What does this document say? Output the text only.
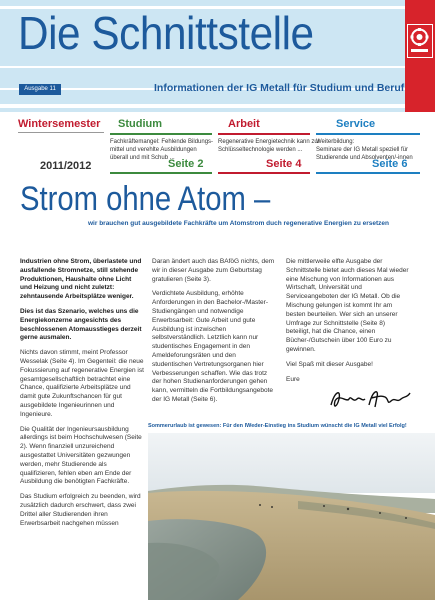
Die Schnittstelle
Ausgabe 11	Informationen der IG Metall für Studium und Beruf
Wintersemester
2011/2012
Studium
Fachkräftemangel: Fehlende Bildungs-
mittel und verehlte Ausbildungen
überall und mit Schub ...
Seite 2
Arbeit
Regenerative Energietechnik kann zur
Schlüsseltechnologie werden ...
Seite 4
Service
Weiterbildung:
Seminare der IG Metall speziell für
Studierende und Absolventen/-innen
Seite 6
Strom ohne Atom –
wir brauchen gut ausgebildete Fachkräfte um Atomstrom duch regenerative Energien zu ersetzen

Industrien ohne Strom, überlastete und ausfallende Stromnetze, still stehende Produktionen, Haushalte ohne Licht und Heizung und nicht zuletzt: zehntausende Arbeitsplätze weniger.

Dies ist das Szenario, welches uns die Energiekonzerne angesichts des beschlossenen Atomausstieges derzeit gerne ausmalen.

Nichts davon stimmt, meint Professor Wesselak (Seite 4). Im Gegenteil: die neue Fokussierung auf regenerative Energien ist gesamtgesellschaftlich betrachtet eine Chance, qualifizierte Arbeitsplätze und damit gute Zukunftschancen für gut ausgebildete Ingenieurinnen und Ingenieure.

Die Qualität der Ingenieursausbildung allerdings ist beim Hochschulwesen (Seite 2). Wenn finanziell unzureichend ausgestattet Universitäten gezwungen werden, mehr Studierende als qualifizieren, fehlen eben am Ende der Ausbildung die benötigten Fachkräfte.

Das Studium erfolgreich zu beenden, wird zusätzlich dadurch erschwert, dass zwei Drittel aller Studierenden ihren Erwerbsarbeit nachgehen müssen

Daran ändert auch das BAföG nichts, dem wir in dieser Ausgabe zum Geburtstag gratulieren (Seite 3).

Verdichtete Ausbildung, erhöhte Anforderungen in den Bachelor-/Master-Studiengängen und notwendige Erwerbsarbeit: Gute Arbeit und gute Ausbildung ist inzwischen selbstverständlich. Letztlich kann nur studentisches Engagement in den Ameldeforungsräten und den studentischen Vertretungsorganen hier Verbesserungen schaffen. Wie das trotz der hohen Studienanforderungen gehen kann, vermitteln die Fortbildungsangebote der IG Metall (Seite 6).

Die mittlerweile elfte Ausgabe der Schnittstelle bietet auch dieses Mal wieder eine Mischung von Informationen aus Wirtschaft, Universität und Serviceangeboten der IG Metall. Ob die Mischung gelungen ist kommt Ihr am besten beurteilen. Wer sich an unserer Umfrage zur Schnittstelle (Seite 8) beteiligt, hat die Chance, einen Bücher-/Gutschein über 100 Euro zu gewinnen.

Viel Spaß mit dieser Ausgabe!

Eure

Sommerurlaub ist gewesen: Für den IWeder-Einstieg ins Studium wünscht die IG Metall viel Erfolg!
